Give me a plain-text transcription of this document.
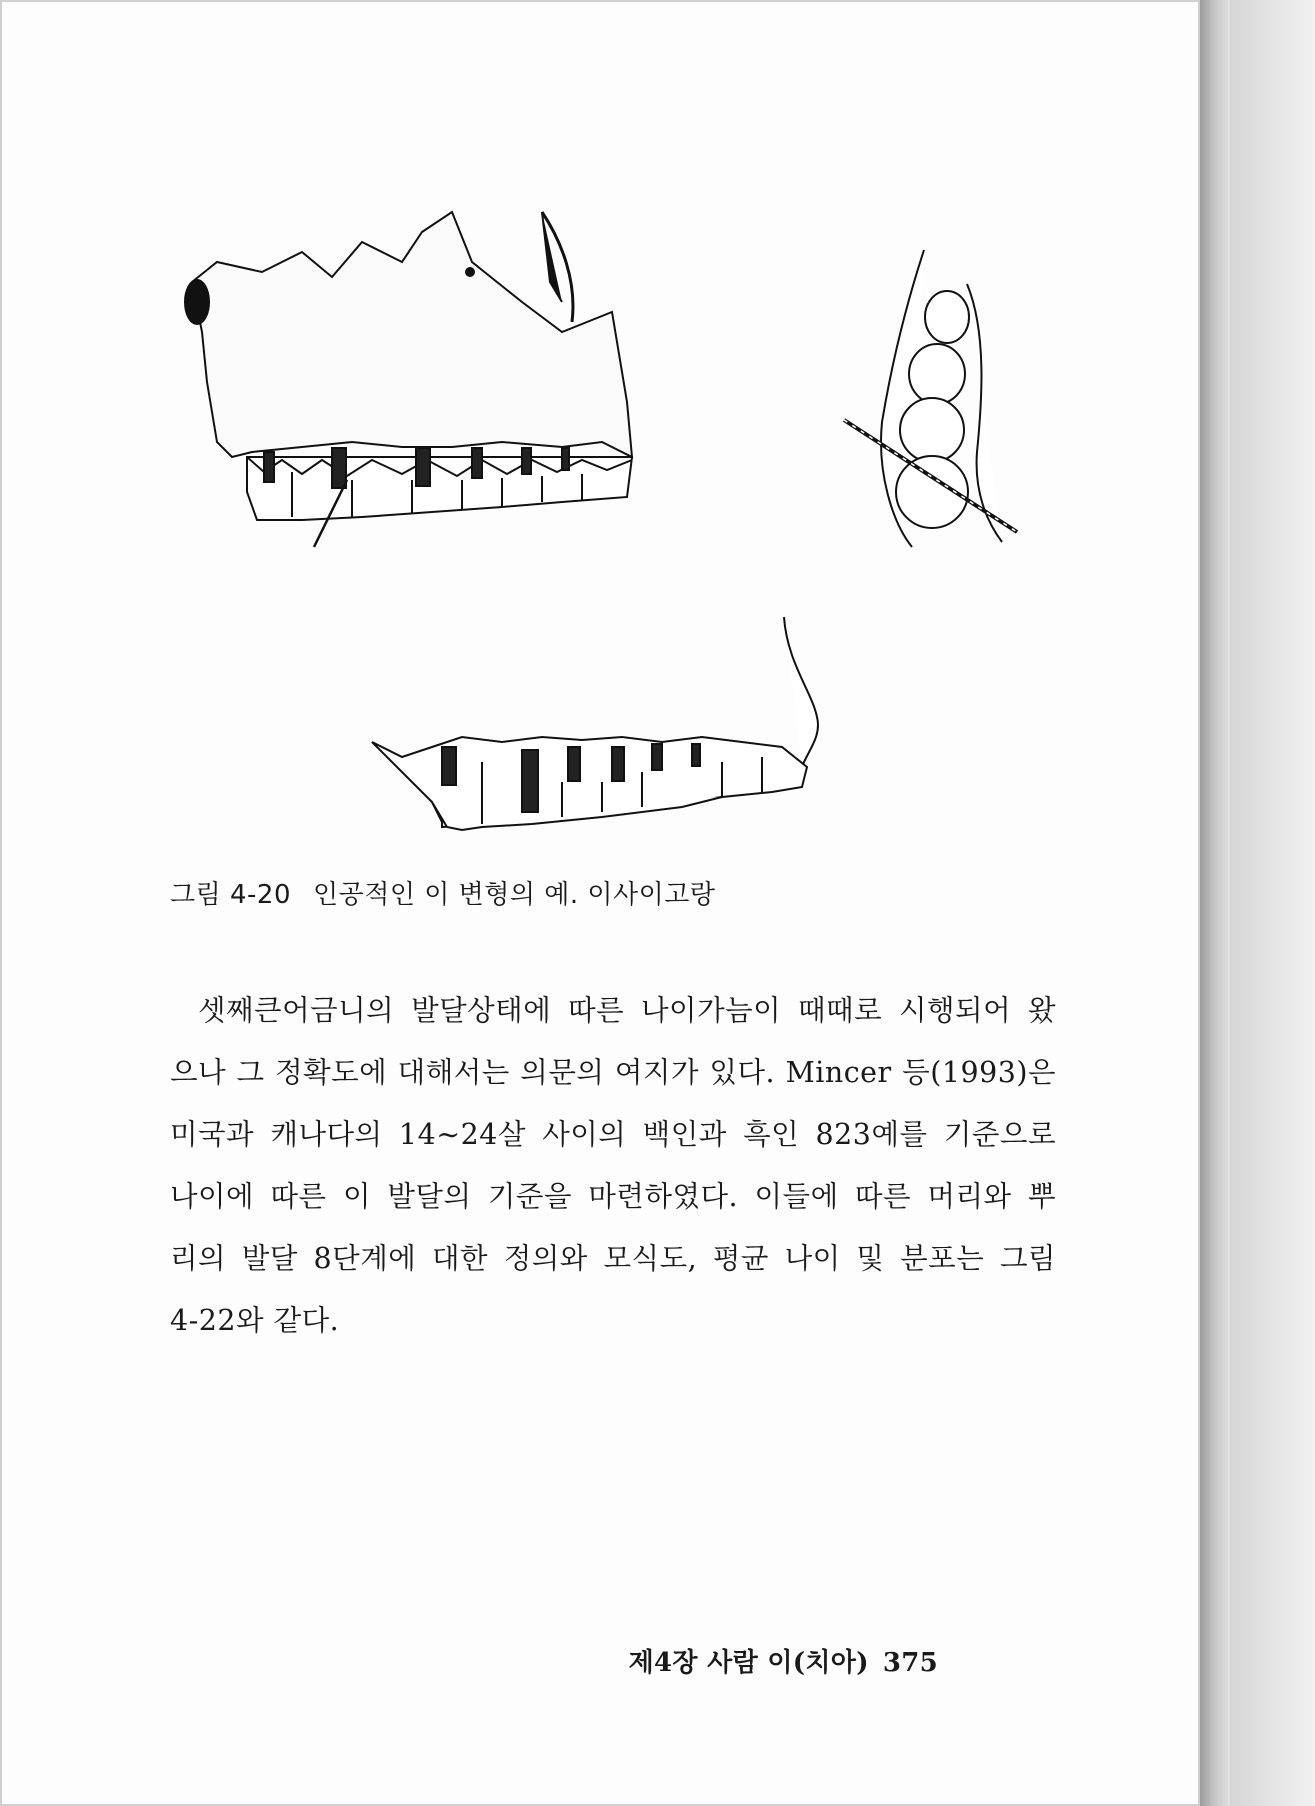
그림 4-20 인공적인 이 변형의 예. 이사이고랑
셋째큰어금니의 발달상태에 따른 나이가늠이 때때로 시행되어 왔
으나 그 정확도에 대해서는 의문의 여지가 있다. Mincer 등(1993)은
미국과 캐나다의 14∼24살 사이의 백인과 흑인 823예를 기준으로
나이에 따른 이 발달의 기준을 마련하였다. 이들에 따른 머리와 뿌
리의 발달 8단계에 대한 정의와 모식도, 평균 나이 및 분포는 그림
4-22와 같다.
제4장 사람 이(치아) 375
